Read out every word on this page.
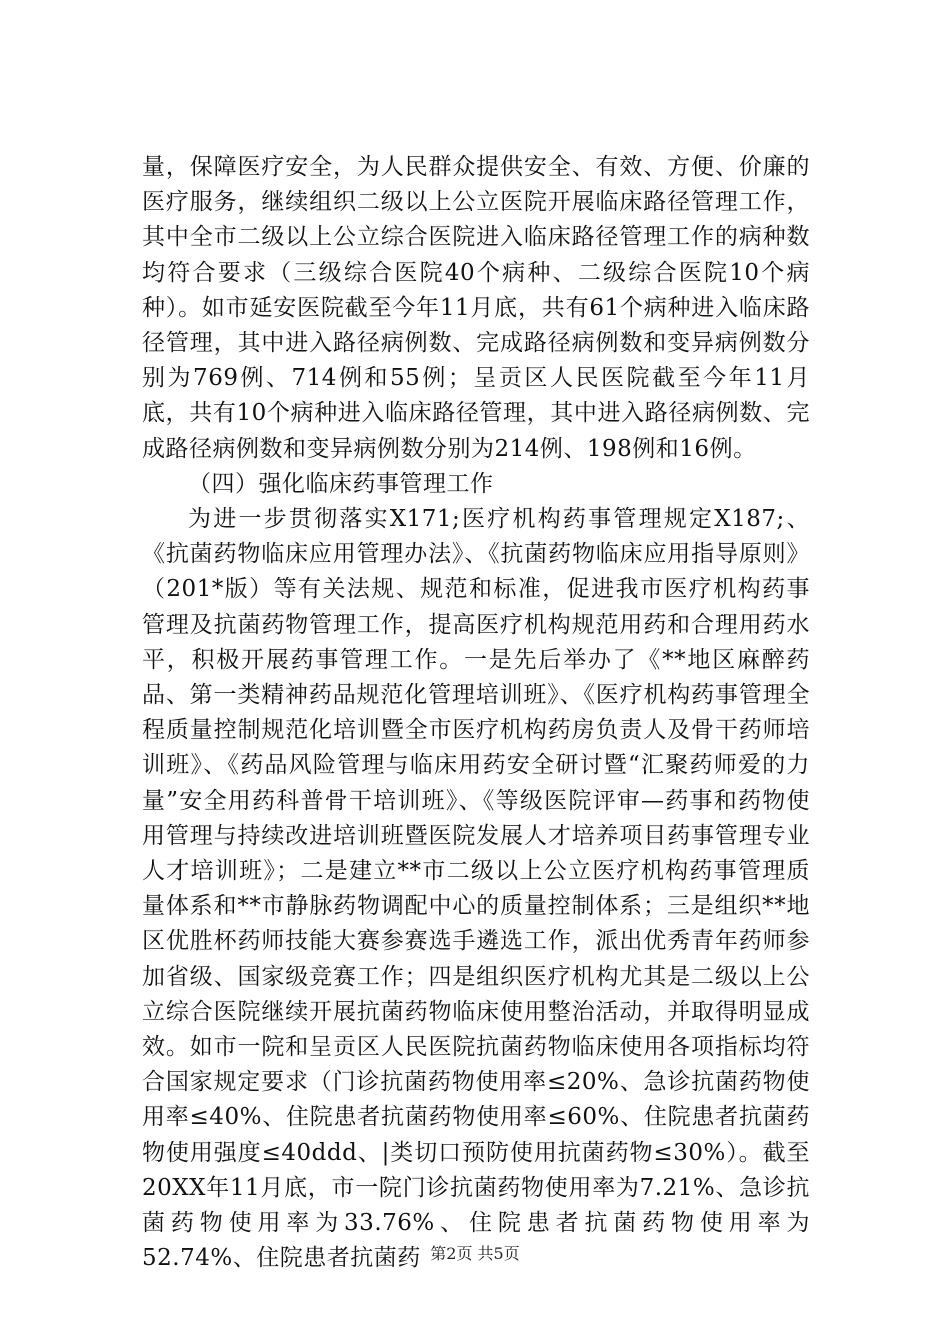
量，保障医疗安全，为人民群众提供安全、有效、方便、价廉的医疗服务，继续组织二级以上公立医院开展临床路径管理工作，其中全市二级以上公立综合医院进入临床路径管理工作的病种数均符合要求（三级综合医院40个病种、二级综合医院10个病种）。如市延安医院截至今年11月底，共有61个病种进入临床路径管理，其中进入路径病例数、完成路径病例数和变异病例数分别为769例、714例和55例；呈贡区人民医院截至今年11月底，共有10个病种进入临床路径管理，其中进入路径病例数、完成路径病例数和变异病例数分别为214例、198例和16例。

（四）强化临床药事管理工作

为进一步贯彻落实X171;医疗机构药事管理规定X187;、《抗菌药物临床应用管理办法》、《抗菌药物临床应用指导原则》（201*版）等有关法规、规范和标准，促进我市医疗机构药事管理及抗菌药物管理工作，提高医疗机构规范用药和合理用药水平，积极开展药事管理工作。一是先后举办了《**地区麻醉药品、第一类精神药品规范化管理培训班》、《医疗机构药事管理全程质量控制规范化培训暨全市医疗机构药房负责人及骨干药师培训班》、《药品风险管理与临床用药安全研讨暨“汇聚药师爱的力量”安全用药科普骨干培训班》、《等级医院评审—药事和药物使用管理与持续改进培训班暨医院发展人才培养项目药事管理专业人才培训班》；二是建立**市二级以上公立医疗机构药事管理质量体系和**市静脉药物调配中心的质量控制体系；三是组织**地区优胜杯药师技能大赛参赛选手遴选工作，派出优秀青年药师参加省级、国家级竞赛工作；四是组织医疗机构尤其是二级以上公立综合医院继续开展抗菌药物临床使用整治活动，并取得明显成效。如市一院和呈贡区人民医院抗菌药物临床使用各项指标均符合国家规定要求（门诊抗菌药物使用率≤20%、急诊抗菌药物使用率≤40%、住院患者抗菌药物使用率≤60%、住院患者抗菌药物使用强度≤40ddd、|类切口预防使用抗菌药物≤30%）。截至20XX年11月底，市一院门诊抗菌药物使用率为7.21%、急诊抗菌药物使用率为33.76%、住院患者抗菌药物使用率为52.74%、住院患者抗菌药 第2页 共5页
